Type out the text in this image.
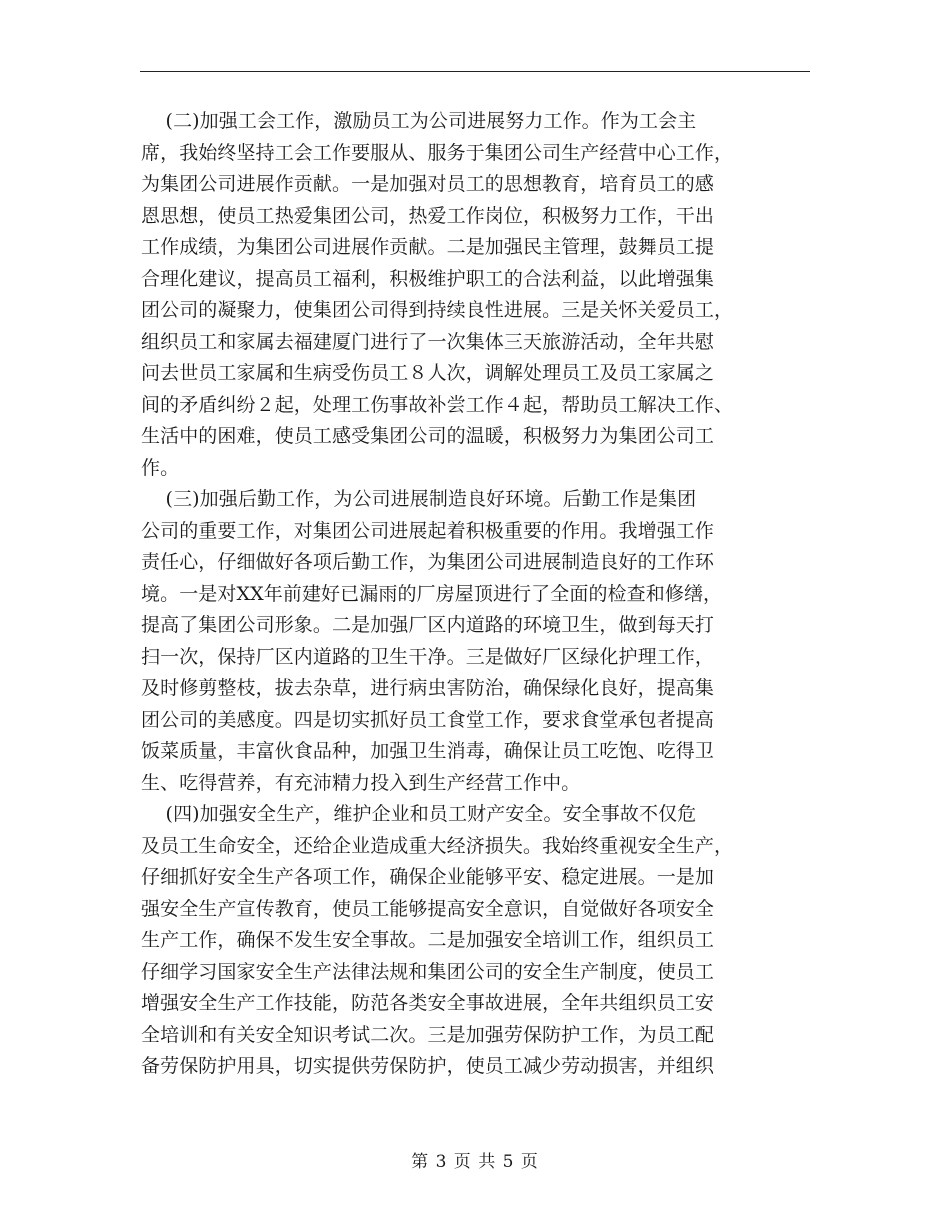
(二)加强工会工作，激励员工为公司进展努力工作。作为工会主
席，我始终坚持工会工作要服从、服务于集团公司生产经营中心工作，
为集团公司进展作贡献。一是加强对员工的思想教育，培育员工的感
恩思想，使员工热爱集团公司，热爱工作岗位，积极努力工作，干出
工作成绩，为集团公司进展作贡献。二是加强民主管理，鼓舞员工提
合理化建议，提高员工福利，积极维护职工的合法利益，以此增强集
团公司的凝聚力，使集团公司得到持续良性进展。三是关怀关爱员工，
组织员工和家属去福建厦门进行了一次集体三天旅游活动，全年共慰
问去世员工家属和生病受伤员工８人次，调解处理员工及员工家属之
间的矛盾纠纷２起，处理工伤事故补尝工作４起，帮助员工解决工作、
生活中的困难，使员工感受集团公司的温暖，积极努力为集团公司工
作。
(三)加强后勤工作，为公司进展制造良好环境。后勤工作是集团
公司的重要工作，对集团公司进展起着积极重要的作用。我增强工作
责任心，仔细做好各项后勤工作，为集团公司进展制造良好的工作环
境。一是对XX年前建好已漏雨的厂房屋顶进行了全面的检查和修缮，
提高了集团公司形象。二是加强厂区内道路的环境卫生，做到每天打
扫一次，保持厂区内道路的卫生干净。三是做好厂区绿化护理工作，
及时修剪整枝，拔去杂草，进行病虫害防治，确保绿化良好，提高集
团公司的美感度。四是切实抓好员工食堂工作，要求食堂承包者提高
饭菜质量，丰富伙食品种，加强卫生消毒，确保让员工吃饱、吃得卫
生、吃得营养，有充沛精力投入到生产经营工作中。
(四)加强安全生产，维护企业和员工财产安全。安全事故不仅危
及员工生命安全，还给企业造成重大经济损失。我始终重视安全生产，
仔细抓好安全生产各项工作，确保企业能够平安、稳定进展。一是加
强安全生产宣传教育，使员工能够提高安全意识，自觉做好各项安全
生产工作，确保不发生安全事故。二是加强安全培训工作，组织员工
仔细学习国家安全生产法律法规和集团公司的安全生产制度，使员工
增强安全生产工作技能，防范各类安全事故进展，全年共组织员工安
全培训和有关安全知识考试二次。三是加强劳保防护工作，为员工配
备劳保防护用具，切实提供劳保防护，使员工减少劳动损害，并组织
第 3 页 共 5 页
